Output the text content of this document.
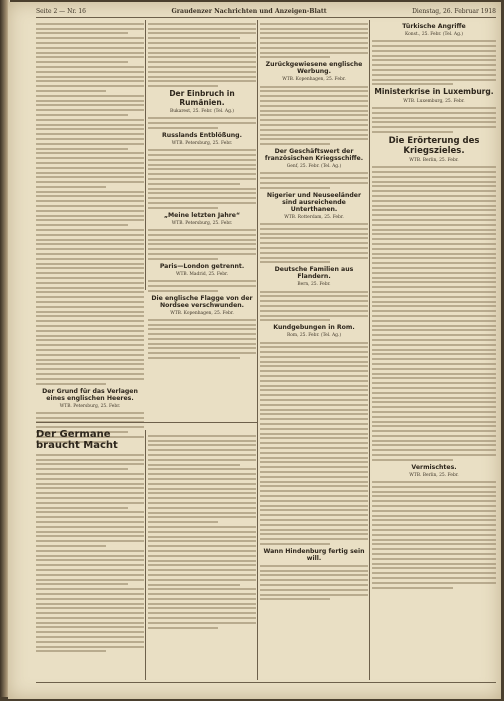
Seite 2 — Nr. 16	Graudenzer Nachrichten und Anzeigen-Blatt	Dienstag, 26. Februar 1918
Der Grund für das Verlagen eines englischen Heeres.
WTB. Petersburg, 25. Febr.
Der Germane braucht Macht
Der Einbruch in Rumänien.
Bukarest, 25. Febr. (Tel. Ag.)
Russlands Entblößung.
WTB. Petersburg, 25. Febr.
„Meine letzten Jahre“
WTB. Petersburg, 25. Febr.
Paris—London getrennt.
WTB. Madrid, 25. Febr.
Die englische Flagge von der Nordsee verschwunden.
WTB. Kopenhagen, 25. Febr.
Zurückgewiesene englische Werbung.
WTB. Kopenhagen, 25. Febr.
Der Geschäftswert der französischen Kriegsschiffe.
Genf, 25. Febr. (Tel. Ag.)
Nigerier und Neuseeländer sind ausreichende Unterthanen.
WTB. Rotterdam, 25. Febr.
Deutsche Familien aus Flandern.
Bern, 25. Febr.
Kundgebungen in Rom.
Rom, 25. Febr. (Tel. Ag.)
Wann Hindenburg fertig sein will.
Türkische Angriffe
Konst., 25. Febr. (Tel. Ag.)
Ministerkrise in Luxemburg.
WTB. Luxemburg, 25. Febr.
Die Erörterung des Kriegszieles.
WTB. Berlin, 25. Febr.
Vermischtes.
WTB. Berlin, 25. Febr.
